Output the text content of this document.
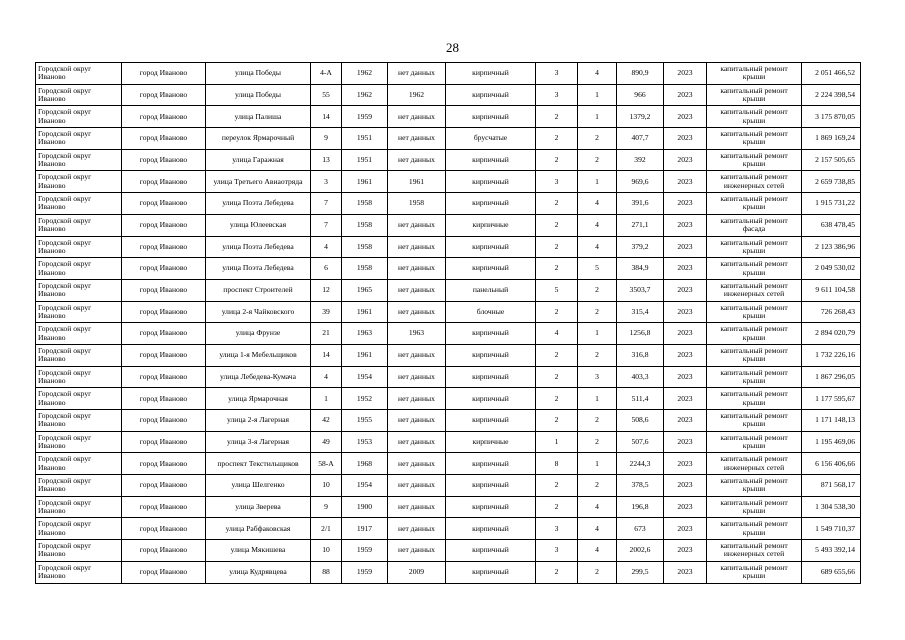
28
Городской округ Иваново	город Иваново	улица Победы	4-А	1962	нет данных	кирпичный	3	4	890,9	2023	капитальный ремонт крыши	2 051 466,52
Городской округ Иваново	город Иваново	улица Победы	55	1962	1962	кирпичный	3	1	966	2023	капитальный ремонт крыши	2 224 398,54
Городской округ Иваново	город Иваново	улица Палиша	14	1959	нет данных	кирпичный	2	1	1379,2	2023	капитальный ремонт крыши	3 175 870,05
Городской округ Иваново	город Иваново	переулок Ярмарочный	9	1951	нет данных	брусчатые	2	2	407,7	2023	капитальный ремонт крыши	1 869 169,24
Городской округ Иваново	город Иваново	улица Гаражная	13	1951	нет данных	кирпичный	2	2	392	2023	капитальный ремонт крыши	2 157 505,65
Городской округ Иваново	город Иваново	улица Третьего Авиаотряда	3	1961	1961	кирпичный	3	1	969,6	2023	капитальный ремонт инженерных сетей	2 659 738,85
Городской округ Иваново	город Иваново	улица Поэта Лебедева	7	1958	1958	кирпичный	2	4	391,6	2023	капитальный ремонт крыши	1 915 731,22
Городской округ Иваново	город Иваново	улица Юлеевская	7	1958	нет данных	кирпичные	2	4	271,1	2023	капитальный ремонт фасада	638 478,45
Городской округ Иваново	город Иваново	улица Поэта Лебедева	4	1958	нет данных	кирпичный	2	4	379,2	2023	капитальный ремонт крыши	2 123 386,96
Городской округ Иваново	город Иваново	улица Поэта Лебедева	6	1958	нет данных	кирпичный	2	5	384,9	2023	капитальный ремонт крыши	2 049 530,02
Городской округ Иваново	город Иваново	проспект Строителей	12	1965	нет данных	панельный	5	2	3503,7	2023	капитальный ремонт инженерных сетей	9 611 104,58
Городской округ Иваново	город Иваново	улица 2-я Чайковского	39	1961	нет данных	блочные	2	2	315,4	2023	капитальный ремонт крыши	726 268,43
Городской округ Иваново	город Иваново	улица Фрунзе	21	1963	1963	кирпичный	4	1	1256,8	2023	капитальный ремонт крыши	2 894 020,79
Городской округ Иваново	город Иваново	улица 1-я Мебельщиков	14	1961	нет данных	кирпичный	2	2	316,8	2023	капитальный ремонт крыши	1 732 226,16
Городской округ Иваново	город Иваново	улица Лебедева-Кумача	4	1954	нет данных	кирпичный	2	3	403,3	2023	капитальный ремонт крыши	1 867 296,05
Городской округ Иваново	город Иваново	улица Ярмарочная	1	1952	нет данных	кирпичный	2	1	511,4	2023	капитальный ремонт крыши	1 177 595,67
Городской округ Иваново	город Иваново	улица 2-я Лагерная	42	1955	нет данных	кирпичный	2	2	508,6	2023	капитальный ремонт крыши	1 171 148,13
Городской округ Иваново	город Иваново	улица 3-я Лагерная	49	1953	нет данных	кирпичные	1	2	507,6	2023	капитальный ремонт крыши	1 195 469,06
Городской округ Иваново	город Иваново	проспект Текстильщиков	58-А	1968	нет данных	кирпичный	8	1	2244,3	2023	капитальный ремонт инженерных сетей	6 156 406,66
Городской округ Иваново	город Иваново	улица Шелгенко	10	1954	нет данных	кирпичный	2	2	378,5	2023	капитальный ремонт крыши	871 568,17
Городской округ Иваново	город Иваново	улица Зверева	9	1900	нет данных	кирпичный	2	4	196,8	2023	капитальный ремонт крыши	1 304 538,30
Городской округ Иваново	город Иваново	улица Рабфаковская	2/1	1917	нет данных	кирпичный	3	4	673	2023	капитальный ремонт крыши	1 549 710,37
Городской округ Иваново	город Иваново	улица Мякишева	10	1959	нет данных	кирпичный	3	4	2002,6	2023	капитальный ремонт инженерных сетей	5 493 392,14
Городской округ Иваново	город Иваново	улица Кудрявцева	88	1959	2009	кирпичный	2	2	299,5	2023	капитальный ремонт крыши	689 655,66
